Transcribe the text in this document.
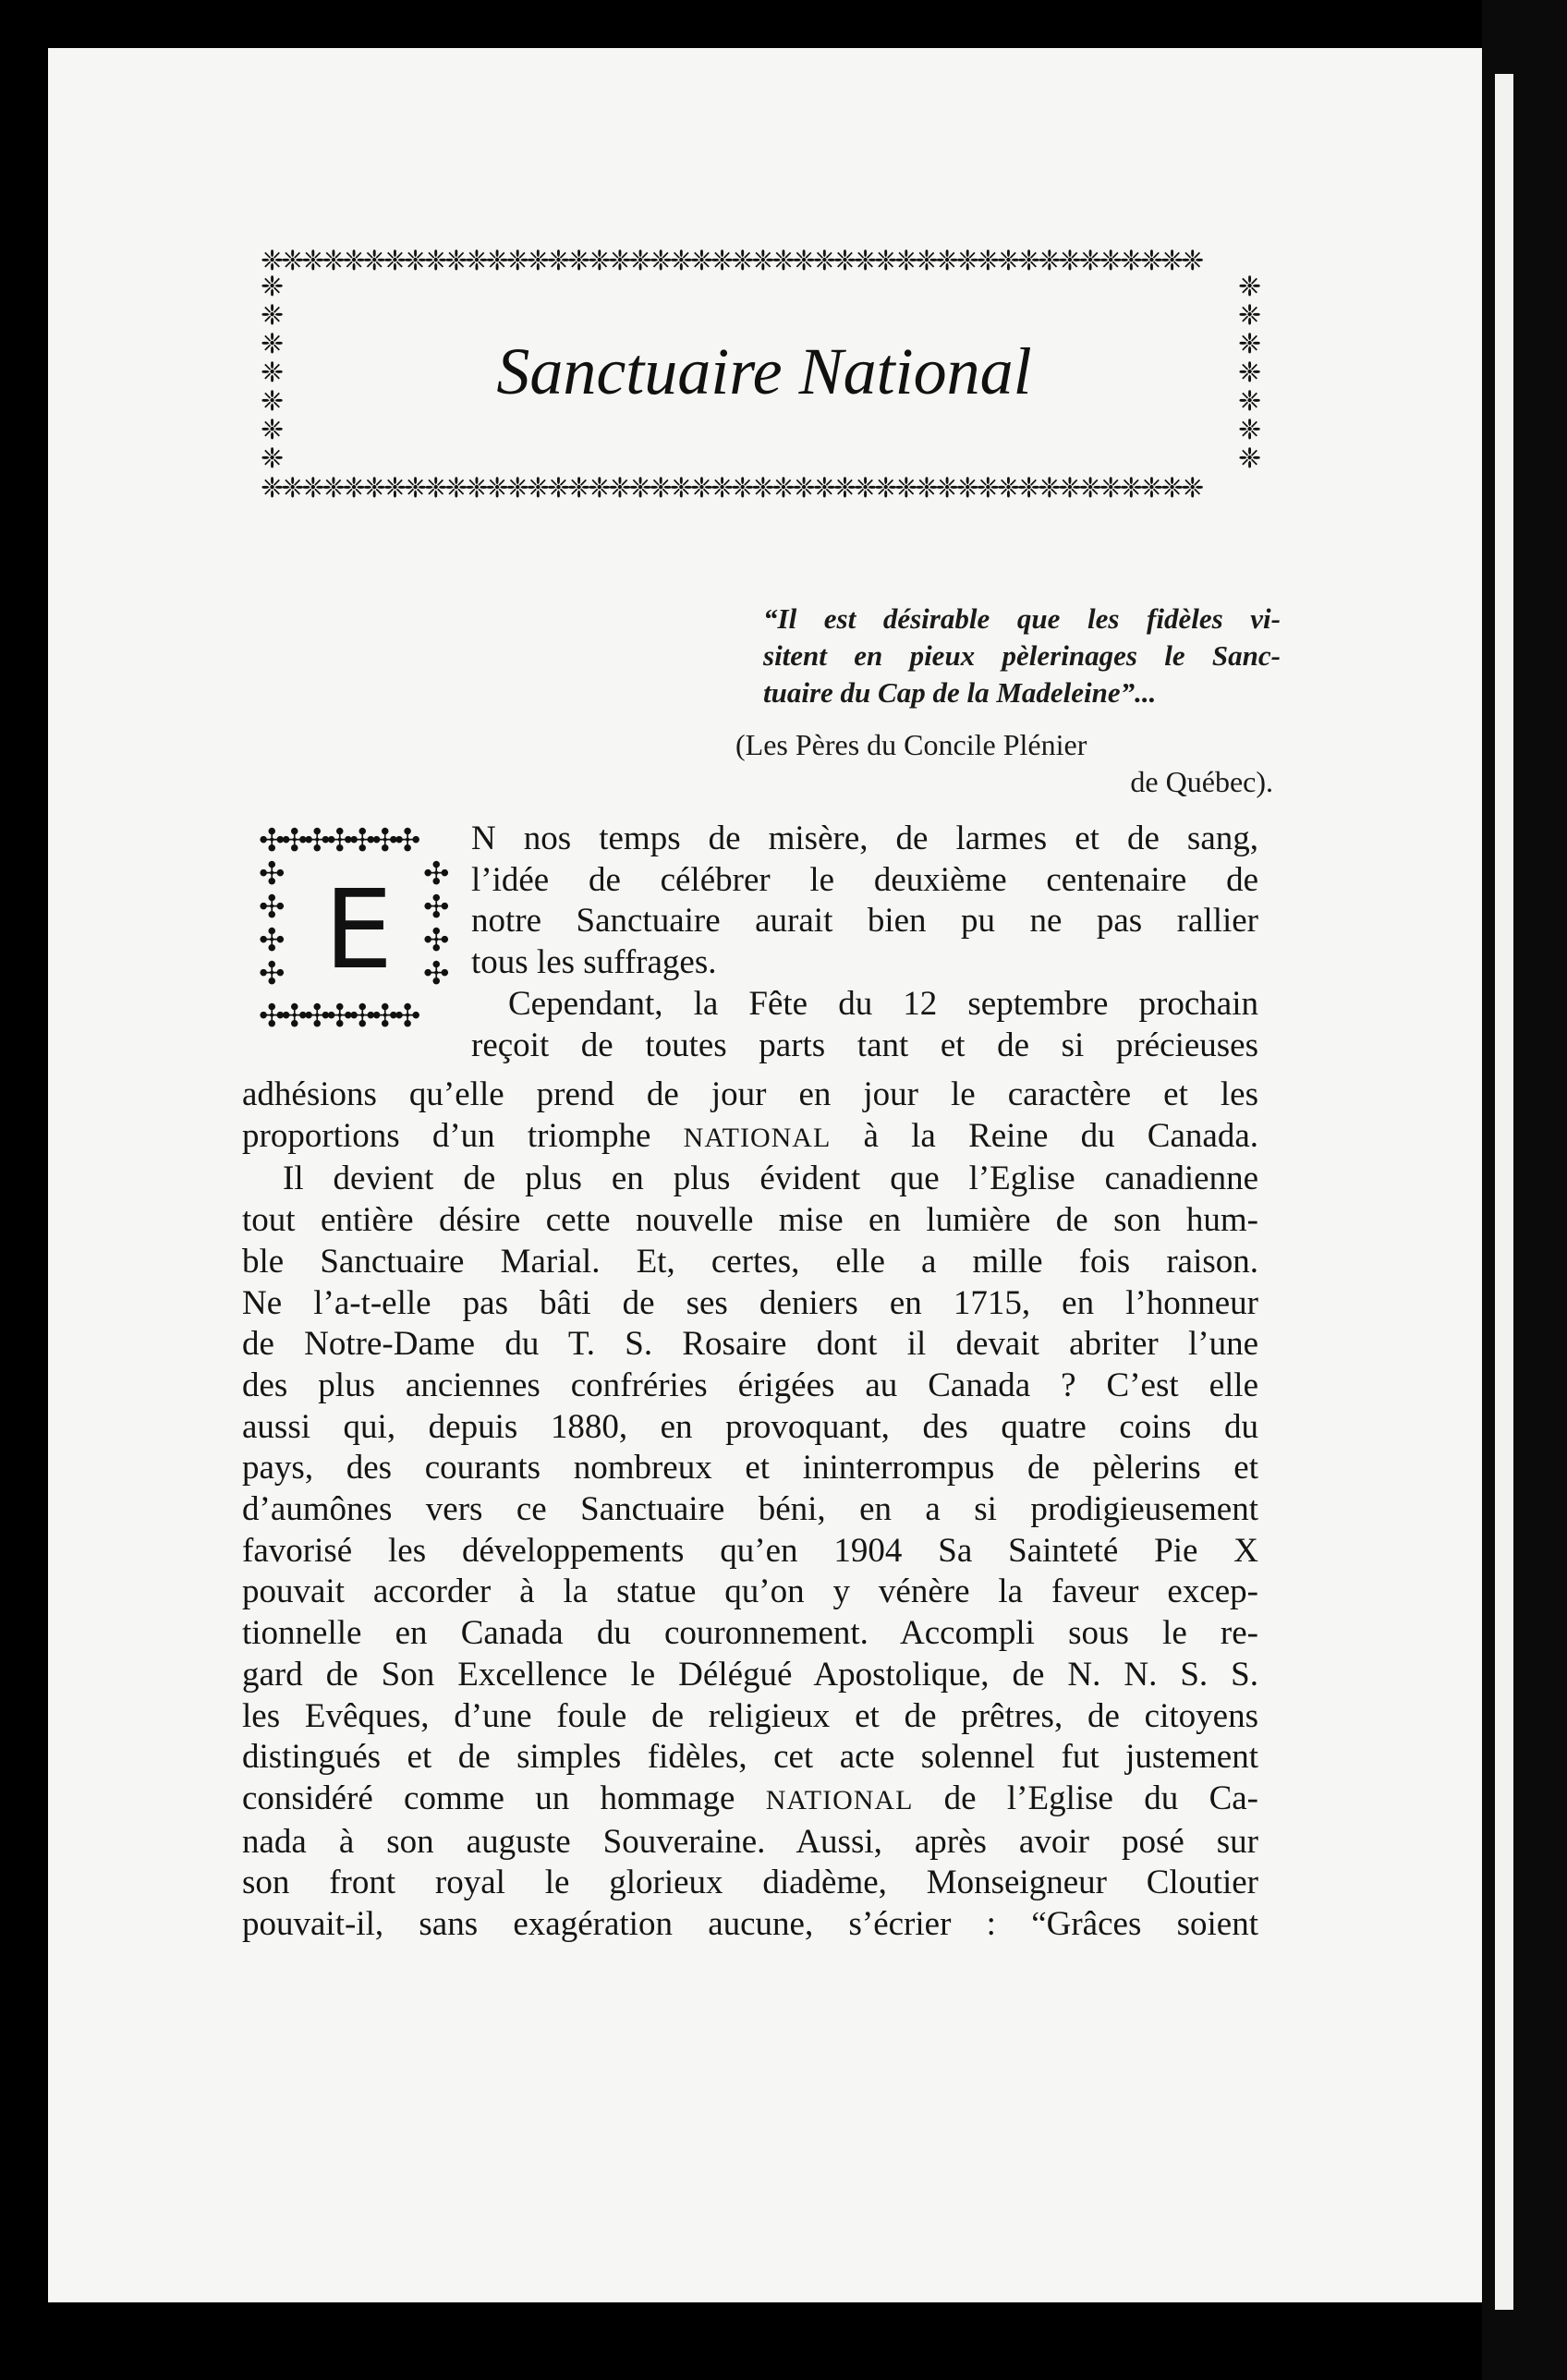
❈❈❈❈❈❈❈❈❈❈❈❈❈❈❈❈❈❈❈❈❈❈❈❈❈❈❈❈❈❈❈❈❈❈❈❈❈❈❈❈❈❈❈❈❈❈
❈
❈
❈
❈
❈
❈
❈
❈
❈
❈
❈
❈
❈
❈
Sanctuaire National
❈❈❈❈❈❈❈❈❈❈❈❈❈❈❈❈❈❈❈❈❈❈❈❈❈❈❈❈❈❈❈❈❈❈❈❈❈❈❈❈❈❈❈❈❈❈
“Il est désirable que les fidèles vi-
sitent en pieux pèlerinages le Sanc-
tuaire du Cap de la Madeleine”...
(Les Pères du Concile Plénier
de Québec).
✣✣✣✣✣✣✣
✣
✣
✣
✣
✣
✣
✣
✣
E
✣✣✣✣✣✣✣
N nos temps de misère, de larmes et de sang,
l’idée de célébrer le deuxième centenaire de
notre Sanctuaire aurait bien pu ne pas rallier
tous les suffrages.
Cependant, la Fête du 12 septembre prochain
reçoit de toutes parts tant et de si précieuses
adhésions qu’elle prend de jour en jour le caractère et les
proportions d’un triomphe NATIONAL à la Reine du Canada.
Il devient de plus en plus évident que l’Eglise canadienne
tout entière désire cette nouvelle mise en lumière de son hum-
ble Sanctuaire Marial. Et, certes, elle a mille fois raison.
Ne l’a-t-elle pas bâti de ses deniers en 1715, en l’honneur
de Notre-Dame du T. S. Rosaire dont il devait abriter l’une
des plus anciennes confréries érigées au Canada ? C’est elle
aussi qui, depuis 1880, en provoquant, des quatre coins du
pays, des courants nombreux et ininterrompus de pèlerins et
d’aumônes vers ce Sanctuaire béni, en a si prodigieusement
favorisé les développements qu’en 1904 Sa Sainteté Pie X
pouvait accorder à la statue qu’on y vénère la faveur excep-
tionnelle en Canada du couronnement. Accompli sous le re-
gard de Son Excellence le Délégué Apostolique, de N. N. S. S.
les Evêques, d’une foule de religieux et de prêtres, de citoyens
distingués et de simples fidèles, cet acte solennel fut justement
considéré comme un hommage NATIONAL de l’Eglise du Ca-
nada à son auguste Souveraine. Aussi, après avoir posé sur
son front royal le glorieux diadème, Monseigneur Cloutier
pouvait-il, sans exagération aucune, s’écrier : “Grâces soient
